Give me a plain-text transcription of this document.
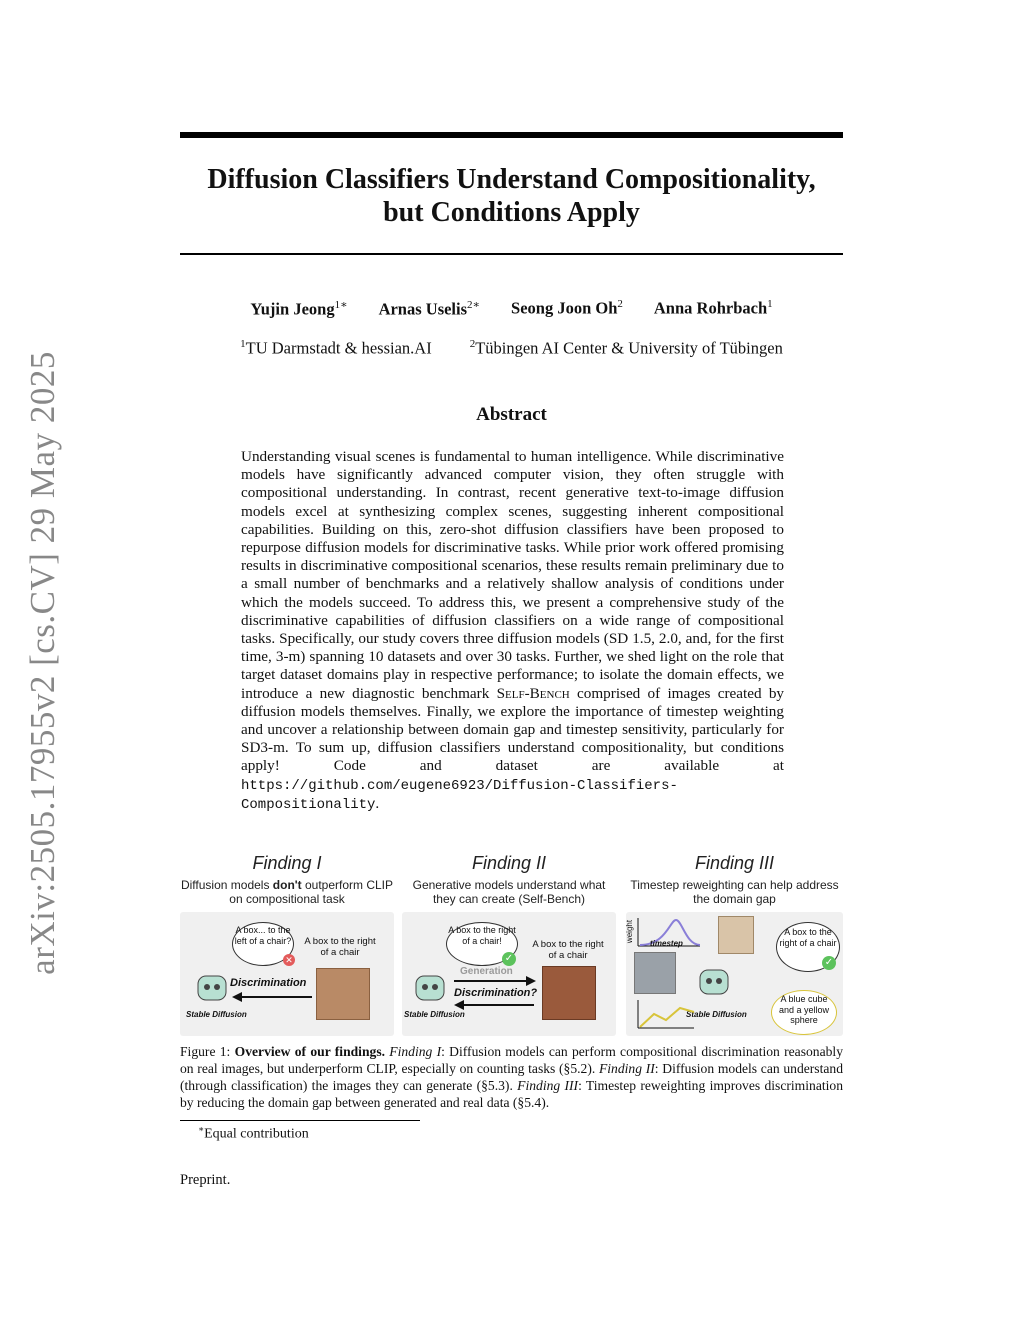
arXiv:2505.17955v2 [cs.CV] 29 May 2025
Diffusion Classifiers Understand Compositionality,
but Conditions Apply
Yujin Jeong$^{1∗}$ Arnas Uselis$^{2∗}$ Seong Joon Oh$^2$ Anna Rohrbach$^1$
$^1$TU Darmstadt & hessian.AI	$^2$Tübingen AI Center & University of Tübingen
Abstract
Understanding visual scenes is fundamental to human intelligence. While discriminative models have significantly advanced computer vision, they often struggle with compositional understanding. In contrast, recent generative text-to-image diffusion models excel at synthesizing complex scenes, suggesting inherent compositional capabilities. Building on this, zero-shot diffusion classifiers have been proposed to repurpose diffusion models for discriminative tasks. While prior work offered promising results in discriminative compositional scenarios, these results remain preliminary due to a small number of benchmarks and a relatively shallow analysis of conditions under which the models succeed. To address this, we present a comprehensive study of the discriminative capabilities of diffusion classifiers on a wide range of compositional tasks. Specifically, our study covers three diffusion models (SD 1.5, 2.0, and, for the first time, 3-m) spanning 10 datasets and over 30 tasks. Further, we shed light on the role that target dataset domains play in respective performance; to isolate the domain effects, we introduce a new diagnostic benchmark Self-Bench comprised of images created by diffusion models themselves. Finally, we explore the importance of timestep weighting and uncover a relationship between domain gap and timestep sensitivity, particularly for SD3-m. To sum up, diffusion classifiers understand compositionality, but conditions apply! Code and dataset are available at https://github.com/eugene6923/Diffusion-Classifiers-Compositionality.
Finding I
Diffusion models don't outperform CLIP on compositional task
A box... to the left of a chair?
✕
A box to the right of a chair
Discrimination
Stable Diffusion
Finding II
Generative models understand what they can create (Self-Bench)
A box to the right of a chair!
✓
A box to the right of a chair
Generation
Discrimination?
Stable Diffusion
Finding III
Timestep reweighting can help address the domain gap
weight
timestep
A box to the right of a chair
✓
Stable Diffusion
A blue cube and a yellow sphere
Figure 1: Overview of our findings. Finding I: Diffusion models can perform compositional discrimination reasonably on real images, but underperform CLIP, especially on counting tasks (§5.2). Finding II: Diffusion models can understand (through classification) the images they can generate (§5.3). Finding III: Timestep reweighting improves discrimination by reducing the domain gap between generated and real data (§5.4).
∗Equal contribution
Preprint.
